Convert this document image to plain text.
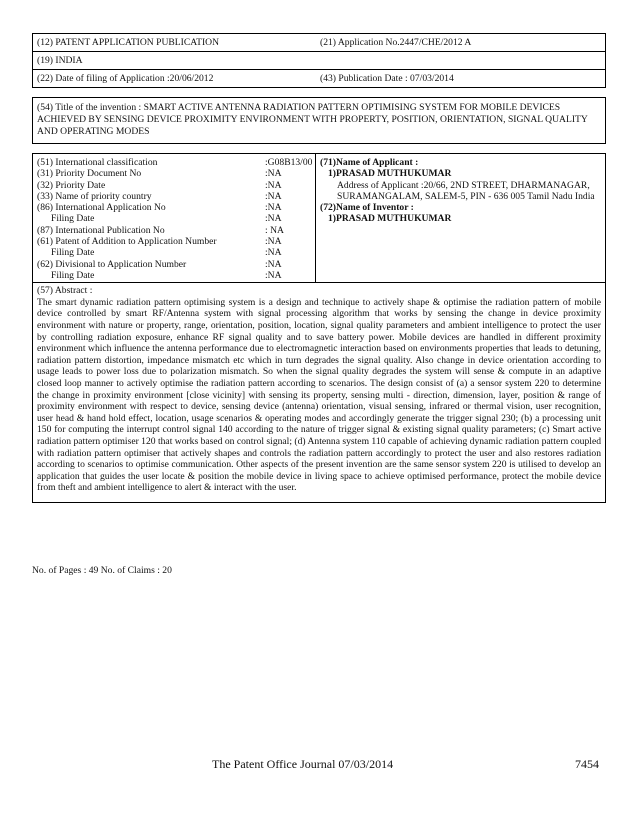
(12) PATENT APPLICATION PUBLICATION	(21) Application No.2447/CHE/2012 A
(19) INDIA
(22) Date of filing of Application :20/06/2012	(43) Publication Date : 07/03/2014
(54) Title of the invention : SMART ACTIVE ANTENNA RADIATION PATTERN OPTIMISING SYSTEM FOR MOBILE DEVICES ACHIEVED BY SENSING DEVICE PROXIMITY ENVIRONMENT WITH PROPERTY, POSITION, ORIENTATION, SIGNAL QUALITY AND OPERATING MODES
(51) International classification	:G08B13/00
(31) Priority Document No	:NA
(32) Priority Date	:NA
(33) Name of priority country	:NA
(86) International Application No	:NA
Filing Date	:NA
(87) International Publication No	: NA
(61) Patent of Addition to Application Number	:NA
Filing Date	:NA
(62) Divisional to Application Number	:NA
Filing Date	:NA
(71)Name of Applicant :
1)PRASAD MUTHUKUMAR
Address of Applicant :20/66, 2ND STREET, DHARMANAGAR, SURAMANGALAM, SALEM-5, PIN - 636 005 Tamil Nadu India
(72)Name of Inventor :
1)PRASAD MUTHUKUMAR
(57) Abstract :
The smart dynamic radiation pattern optimising system is a design and technique to actively shape & optimise the radiation pattern of mobile device controlled by smart RF/Antenna system with signal processing algorithm that works by sensing the change in device proximity environment with nature or property, range, orientation, position, location, signal quality parameters and ambient intelligence to protect the user by controlling radiation exposure, enhance RF signal quality and to save battery power. Mobile devices are handled in different proximity environment which influence the antenna performance due to electromagnetic interaction based on environments properties that leads to detuning, radiation pattern distortion, impedance mismatch etc which in turn degrades the signal quality. Also change in device orientation according to usage leads to power loss due to polarization mismatch. So when the signal quality degrades the system will sense & compute in an adaptive closed loop manner to actively optimise the radiation pattern according to scenarios. The design consist of (a) a sensor system 220 to determine the change in proximity environment [close vicinity] with sensing its property, sensing multi - direction, dimension, layer, position & range of proximity environment with respect to device, sensing device (antenna) orientation, visual sensing, infrared or thermal vision, user recognition, user head & hand hold effect, location, usage scenarios & operating modes and accordingly generate the trigger signal 230; (b) a processing unit 150 for computing the interrupt control signal 140 according to the nature of trigger signal & existing signal quality parameters; (c) Smart active radiation pattern optimiser 120 that works based on control signal; (d) Antenna system 110 capable of achieving dynamic radiation pattern coupled with radiation pattern optimiser that actively shapes and controls the radiation pattern accordingly to protect the user and also restores radiation according to scenarios to optimise communication. Other aspects of the present invention are the same sensor system 220 is utilised to develop an application that guides the user locate & position the mobile device in living space to achieve optimised performance, protect the mobile device from theft and ambient intelligence to alert & interact with the user.
No. of Pages : 49 No. of Claims : 20
The Patent Office Journal 07/03/2014	7454
